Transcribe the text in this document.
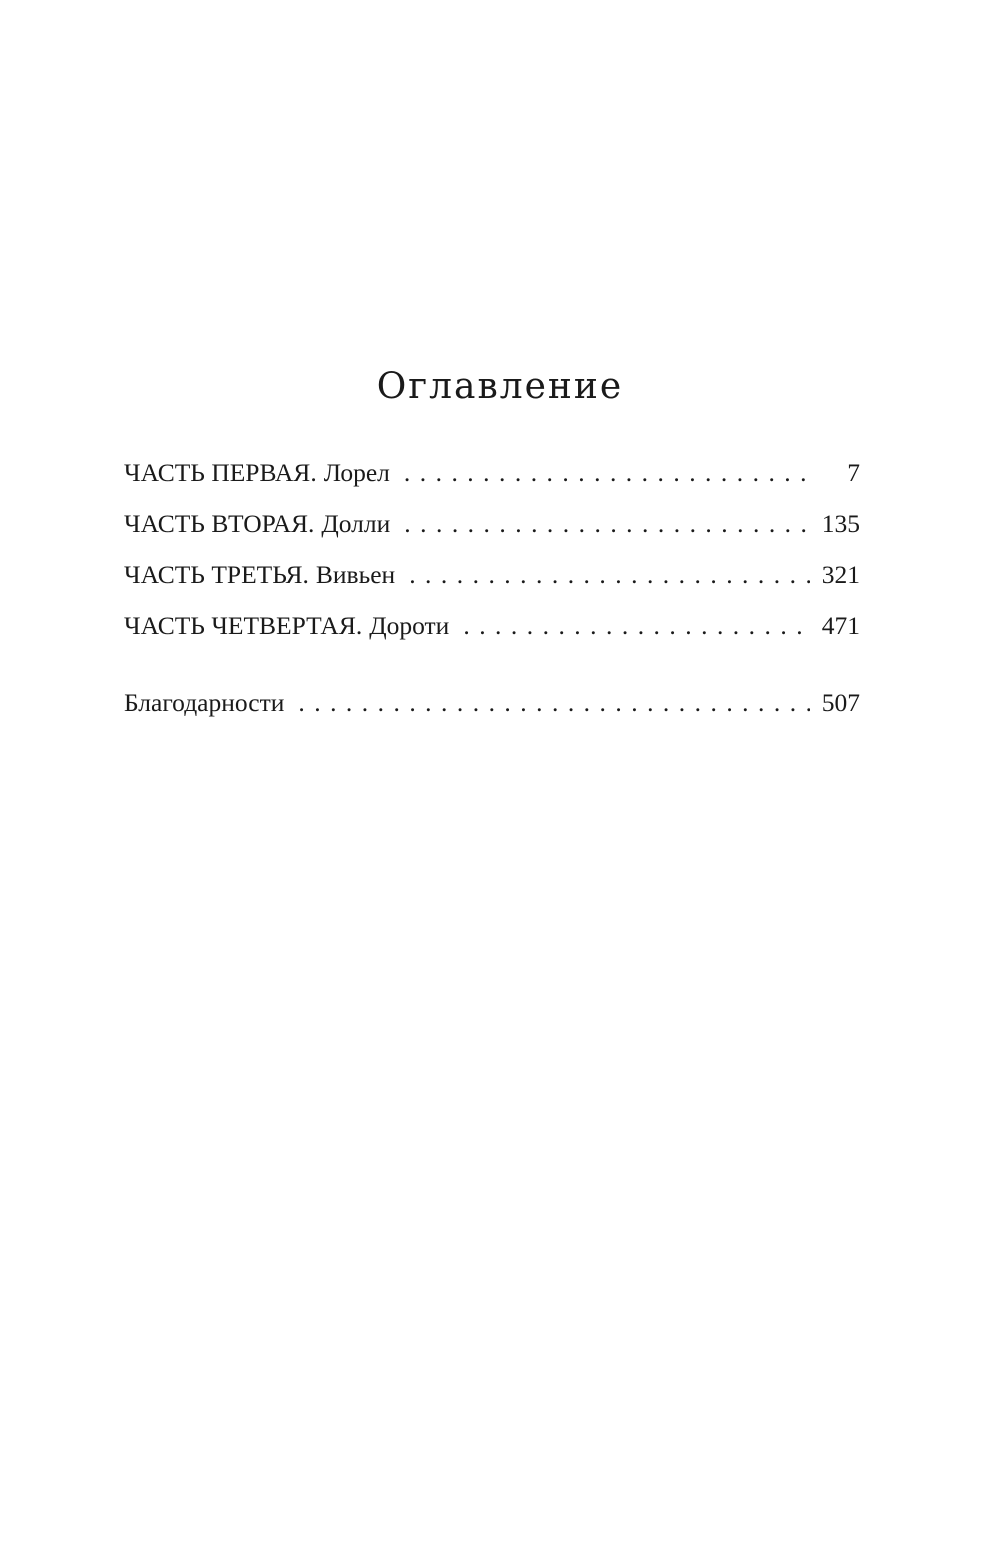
Оглавление
ЧАСТЬ ПЕРВАЯ. Лорел . . .	7
ЧАСТЬ ВТОРАЯ. Долли . . .	135
ЧАСТЬ ТРЕТЬЯ. Вивьен . . .	321
ЧАСТЬ ЧЕТВЕРТАЯ. Дороти . . .	471
Благодарности . . .	507
